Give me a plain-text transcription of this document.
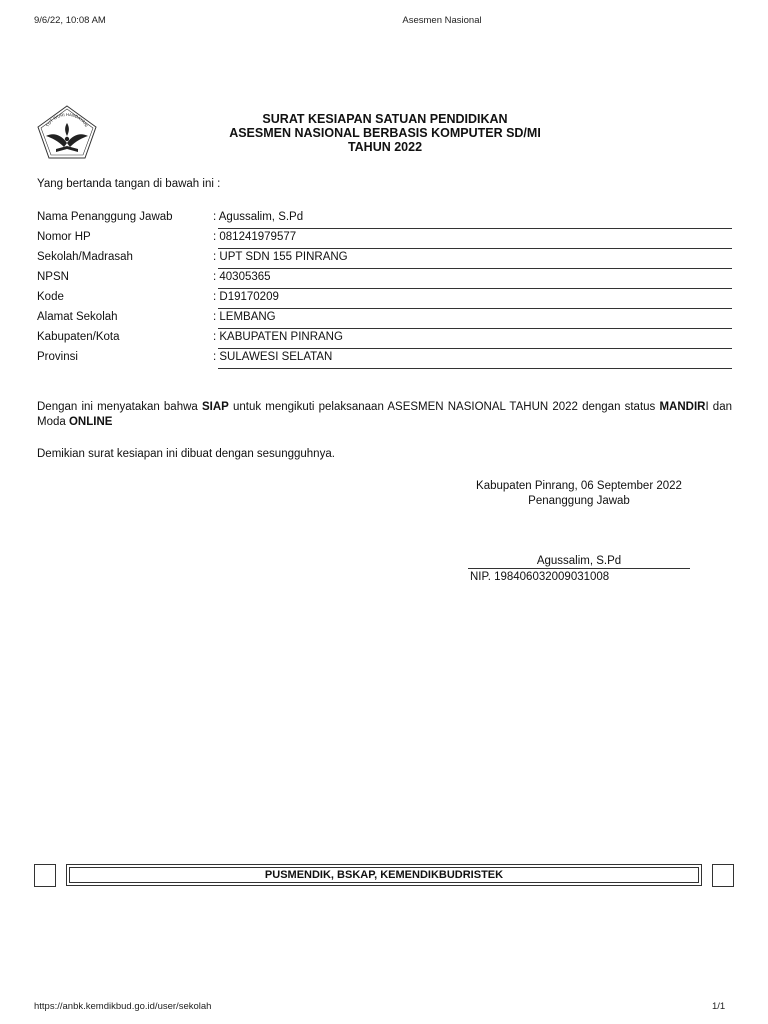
9/6/22, 10:08 AM	Asesmen Nasional
TUT WURI HANDAYANI
SURAT KESIAPAN SATUAN PENDIDIKAN
ASESMEN NASIONAL BERBASIS KOMPUTER SD/MI
TAHUN 2022
Yang bertanda tangan di bawah ini :
Nama Penanggung Jawab	: Agussalim, S.Pd
Nomor HP	: 081241979577
Sekolah/Madrasah	: UPT SDN 155 PINRANG
NPSN	: 40305365
Kode	: D19170209
Alamat Sekolah	: LEMBANG
Kabupaten/Kota	: KABUPATEN PINRANG
Provinsi	: SULAWESI SELATAN
Dengan ini menyatakan bahwa SIAP untuk mengikuti pelaksanaan ASESMEN NASIONAL TAHUN 2022 dengan status MANDIRI dan Moda ONLINE
Demikian surat kesiapan ini dibuat dengan sesungguhnya.
Kabupaten Pinrang, 06 September 2022
Penanggung Jawab
Agussalim, S.Pd
NIP. 198406032009031008
PUSMENDIK, BSKAP, KEMENDIKBUDRISTEK
https://anbk.kemdikbud.go.id/user/sekolah	1/1
